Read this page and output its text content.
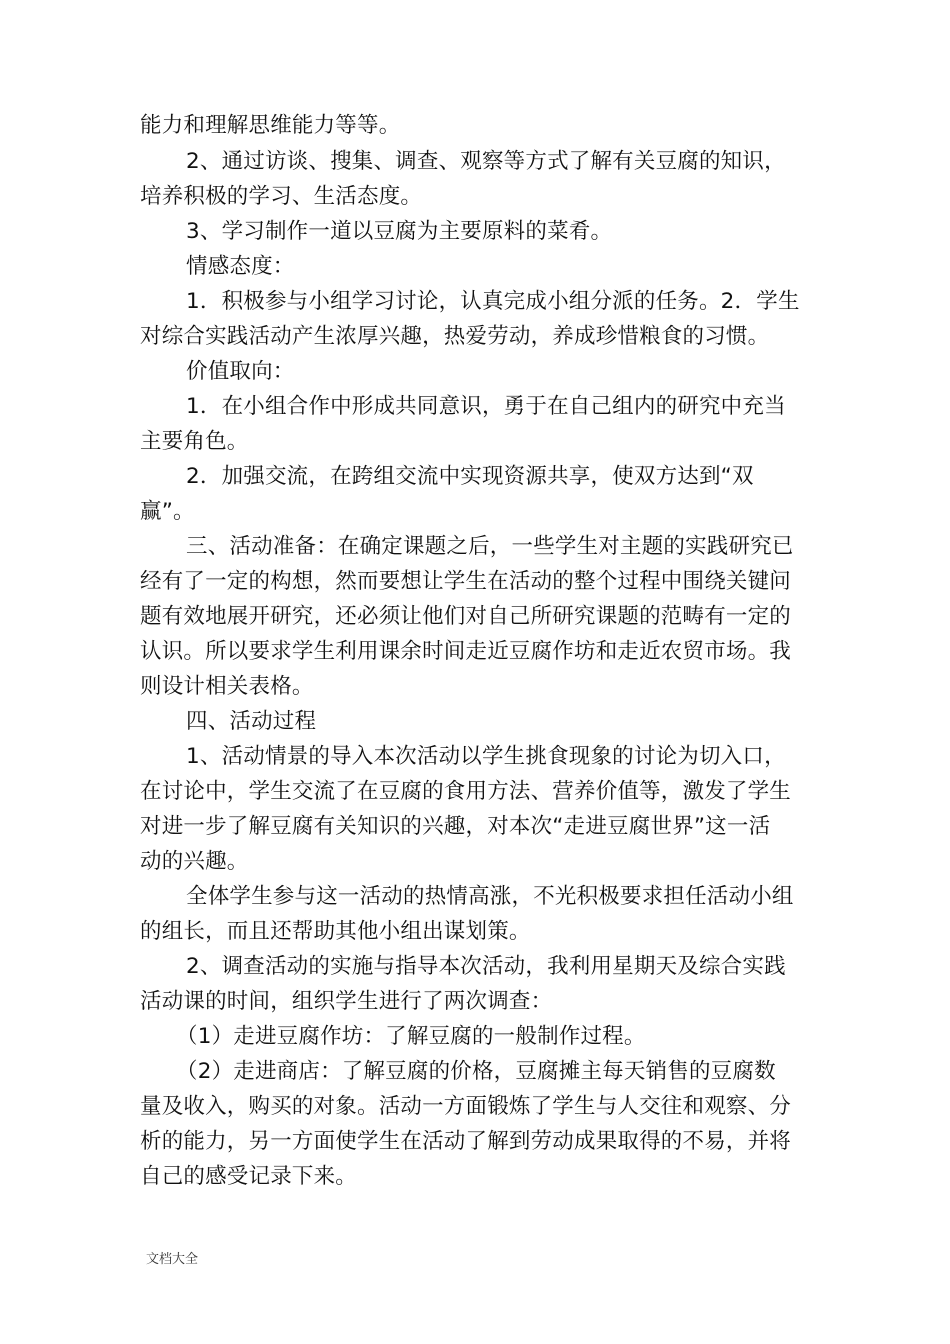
能力和理解思维能力等等。
2、通过访谈、搜集、调查、观察等方式了解有关豆腐的知识，
培养积极的学习、生活态度。
3、学习制作一道以豆腐为主要原料的菜肴。
情感态度：
1．积极参与小组学习讨论，认真完成小组分派的任务。2．学生
对综合实践活动产生浓厚兴趣，热爱劳动，养成珍惜粮食的习惯。
价值取向：
1．在小组合作中形成共同意识，勇于在自己组内的研究中充当
主要角色。
2．加强交流，在跨组交流中实现资源共享，使双方达到“双
赢”。
三、活动准备：在确定课题之后，一些学生对主题的实践研究已
经有了一定的构想，然而要想让学生在活动的整个过程中围绕关键问
题有效地展开研究，还必须让他们对自己所研究课题的范畴有一定的
认识。所以要求学生利用课余时间走近豆腐作坊和走近农贸市场。我
则设计相关表格。
四、活动过程
1、活动情景的导入本次活动以学生挑食现象的讨论为切入口，
在讨论中，学生交流了在豆腐的食用方法、营养价值等，激发了学生
对进一步了解豆腐有关知识的兴趣，对本次“走进豆腐世界”这一活
动的兴趣。
全体学生参与这一活动的热情高涨，不光积极要求担任活动小组
的组长，而且还帮助其他小组出谋划策。
2、调查活动的实施与指导本次活动，我利用星期天及综合实践
活动课的时间，组织学生进行了两次调查：
（1）走进豆腐作坊：了解豆腐的一般制作过程。
（2）走进商店：了解豆腐的价格，豆腐摊主每天销售的豆腐数
量及收入，购买的对象。活动一方面锻炼了学生与人交往和观察、分
析的能力，另一方面使学生在活动了解到劳动成果取得的不易，并将
自己的感受记录下来。
文档大全
